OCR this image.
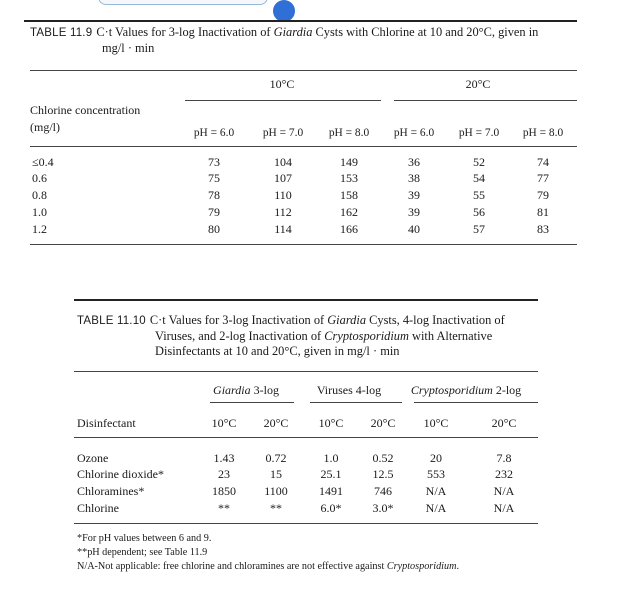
TABLE 11.9 C·t Values for 3-log Inactivation of Giardia Cysts with Chlorine at 10 and 20°C, given in
mg/l · min
10°C	20°C
Chlorine concentration
(mg/l)	pH = 6.0	pH = 7.0 pH = 8.0 pH = 6.0 pH = 7.0 pH = 8.0
≤0.4	73	104	149	36	52	74
0.6	75	107	153	38	54	77
0.8	78	110	158	39	55	79
1.0	79	112	162	39	56	81
1.2	80	114	166	40	57	83
TABLE 11.10 C·t Values for 3-log Inactivation of Giardia Cysts, 4-log Inactivation of
Viruses, and 2-log Inactivation of Cryptosporidium with Alternative
Disinfectants at 10 and 20°C, given in mg/l · min
Giardia 3-log	Viruses 4-log Cryptosporidium 2-log
Disinfectant	10°C 20°C	10°C 20°C 10°C	20°C
Ozone	1.43	0.72	1.0	0.52	20	7.8
Chlorine dioxide*	23	15	25.1	12.5	553	232
Chloramines*	1850 1100	1491	746	N/A	N/A
Chlorine	**	**	6.0*	3.0*	N/A	N/A
*For pH values between 6 and 9.
**pH dependent; see Table 11.9
N/A-Not applicable: free chlorine and chloramines are not effective against Cryptosporidium.
